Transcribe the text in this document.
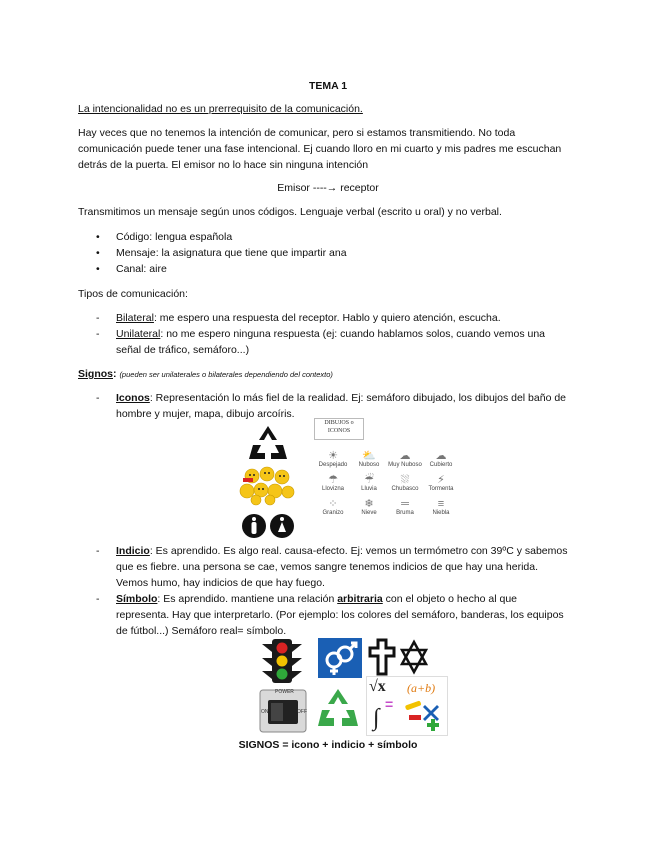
TEMA 1
La intencionalidad no es un prerrequisito de la comunicación.
Hay veces que no tenemos la intención de comunicar, pero si estamos transmitiendo. No toda
comunicación puede tener una fase intencional. Ej cuando lloro en mi cuarto y mis padres me escuchan
detrás de la puerta. El emisor no lo hace sin ninguna intención
Emisor ----→ receptor
Transmitimos un mensaje según unos códigos. Lenguaje verbal (escrito u oral) y no verbal.
• Código: lengua española
• Mensaje: la asignatura que tiene que impartir ana
• Canal: aire
Tipos de comunicación:
- Bilateral: me espero una respuesta del receptor. Hablo y quiero atención, escucha.
- Unilateral: no me espero ninguna respuesta (ej: cuando hablamos solos, cuando vemos una
señal de tráfico, semáforo...)
Signos: (pueden ser unilaterales o bilaterales dependiendo del contexto)
- Iconos: Representación lo más fiel de la realidad. Ej: semáforo dibujado, los dibujos del baño de
hombre y mujer, mapa, dibujo arcoíris.
DIBUJOS o
ICONOS
☀
Despejado
⛅
Nuboso
☁
Muy Nuboso
☁
Cubierto
☂
Llovizna
☔
Lluvia
⛆
Chubasco
⚡
Tormenta
⁘
Granizo
❄
Nieve
═
Bruma
≡
Niebla
- Indicio: Es aprendido. Es algo real. causa-efecto. Ej: vemos un termómetro con 39ºC y sabemos
que es fiebre. una persona se cae, vemos sangre tenemos indicios de que hay una herida.
Vemos humo, hay indicios de que hay fuego.
- Símbolo: Es aprendido. mantiene una relación arbitraria con el objeto o hecho al que
representa. Hay que interpretarlo. (Por ejemplo: los colores del semáforo, banderas, los equipos
de fútbol...) Semáforo real= símbolo.
POWER
ON	OFF
√x (a+b)
=
∫
SIGNOS = icono + indicio + símbolo
